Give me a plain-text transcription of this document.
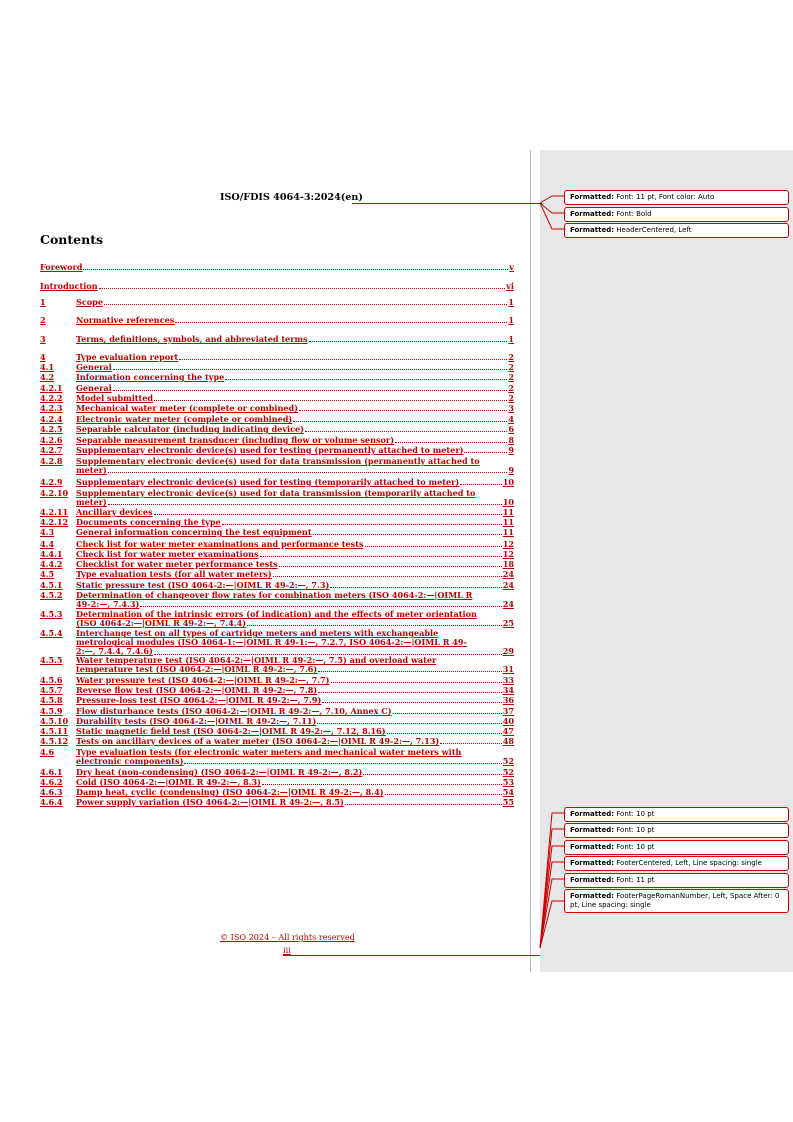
ISO/FDIS 4064-3:2024(en)
Contents
Foreword	v
Introduction	vi
1	Scope	1
2	Normative references	1
3	Terms, definitions, symbols, and abbreviated terms	1
4	Type evaluation report	2
4.1	General	2
4.2	Information concerning the type	2
4.2.1	General	2
4.2.2	Model submitted	2
4.2.3	Mechanical water meter (complete or combined)	3
4.2.4	Electronic water meter (complete or combined)	4
4.2.5	Separable calculator (including indicating device)	6
4.2.6	Separable measurement transducer (including flow or volume sensor)	8
4.2.7	Supplementary electronic device(s) used for testing (permanently attached to meter)	9
4.2.8	Supplementary electronic device(s) used for data transmission (permanently attached to
meter)	9
4.2.9	Supplementary electronic device(s) used for testing (temporarily attached to meter)	10
4.2.10 Supplementary electronic device(s) used for data transmission (temporarily attached to
meter)	10
4.2.11 Ancillary devices	11
4.2.12 Documents concerning the type	11
4.3	General information concerning the test equipment	11
4.4	Check list for water meter examinations and performance tests	12
4.4.1	Check list for water meter examinations	12
4.4.2	Checklist for water meter performance tests	18
4.5	Type evaluation tests (for all water meters)	24
4.5.1	Static pressure test (ISO 4064-2:—|OIML R 49-2:—, 7.3)	24
4.5.2	Determination of changeover flow rates for combination meters (ISO 4064-2:—|OIML R
49-2:—, 7.4.3)	24
4.5.3	Determination of the intrinsic errors (of indication) and the effects of meter orientation
(ISO 4064-2:—|OIML R 49-2:—, 7.4.4)	25
4.5.4	Interchange test on all types of cartridge meters and meters with exchangeable
metrological modules (ISO 4064-1:—|OIML R 49-1:—, 7.2.7, ISO 4064-2:—|OIML R 49-
2:—, 7.4.4, 7.4.6)	29
4.5.5	Water temperature test (ISO 4064-2:—|OIML R 49-2:—, 7.5) and overload water
temperature test (ISO 4064-2:—|OIML R 49-2:—, 7.6)	31
4.5.6	Water pressure test (ISO 4064-2:—|OIML R 49-2:—, 7.7)	33
4.5.7	Reverse flow test (ISO 4064-2:—|OIML R 49-2:—, 7.8)	34
4.5.8	Pressure-loss test (ISO 4064-2:—|OIML R 49-2:—, 7.9)	36
4.5.9	Flow disturbance tests (ISO 4064-2:—|OIML R 49-2:—, 7.10, Annex C)	37
4.5.10 Durability tests (ISO 4064-2:—|OIML R 49-2:—, 7.11)	40
4.5.11 Static magnetic field test (ISO 4064-2:—|OIML R 49-2:—, 7.12, 8.16)	47
4.5.12 Tests on ancillary devices of a water meter (ISO 4064-2:—|OIML R 49-2:—, 7.13)	48
4.6	Type evaluation tests (for electronic water meters and mechanical water meters with
electronic components)	52
4.6.1	Dry heat (non-condensing) (ISO 4064-2:—|OIML R 49-2:—, 8.2)	52
4.6.2	Cold (ISO 4064-2:—|OIML R 49-2:—, 8.3)	53
4.6.3	Damp heat, cyclic (condensing) (ISO 4064-2:—|OIML R 49-2:—, 8.4)	54
4.6.4	Power supply variation (ISO 4064-2:—|OIML R 49-2:—, 8.5)	55
© ISO 2024 – All rights reserved
iii
Formatted: Font: 11 pt, Font color: Auto
Formatted: Font: Bold
Formatted: HeaderCentered, Left
Formatted: Font: 10 pt
Formatted: Font: 10 pt
Formatted: Font: 10 pt
Formatted: FooterCentered, Left, Line spacing: single
Formatted: Font: 11 pt
Formatted: FooterPageRomanNumber, Left, Space After: 0 pt, Line spacing: single
